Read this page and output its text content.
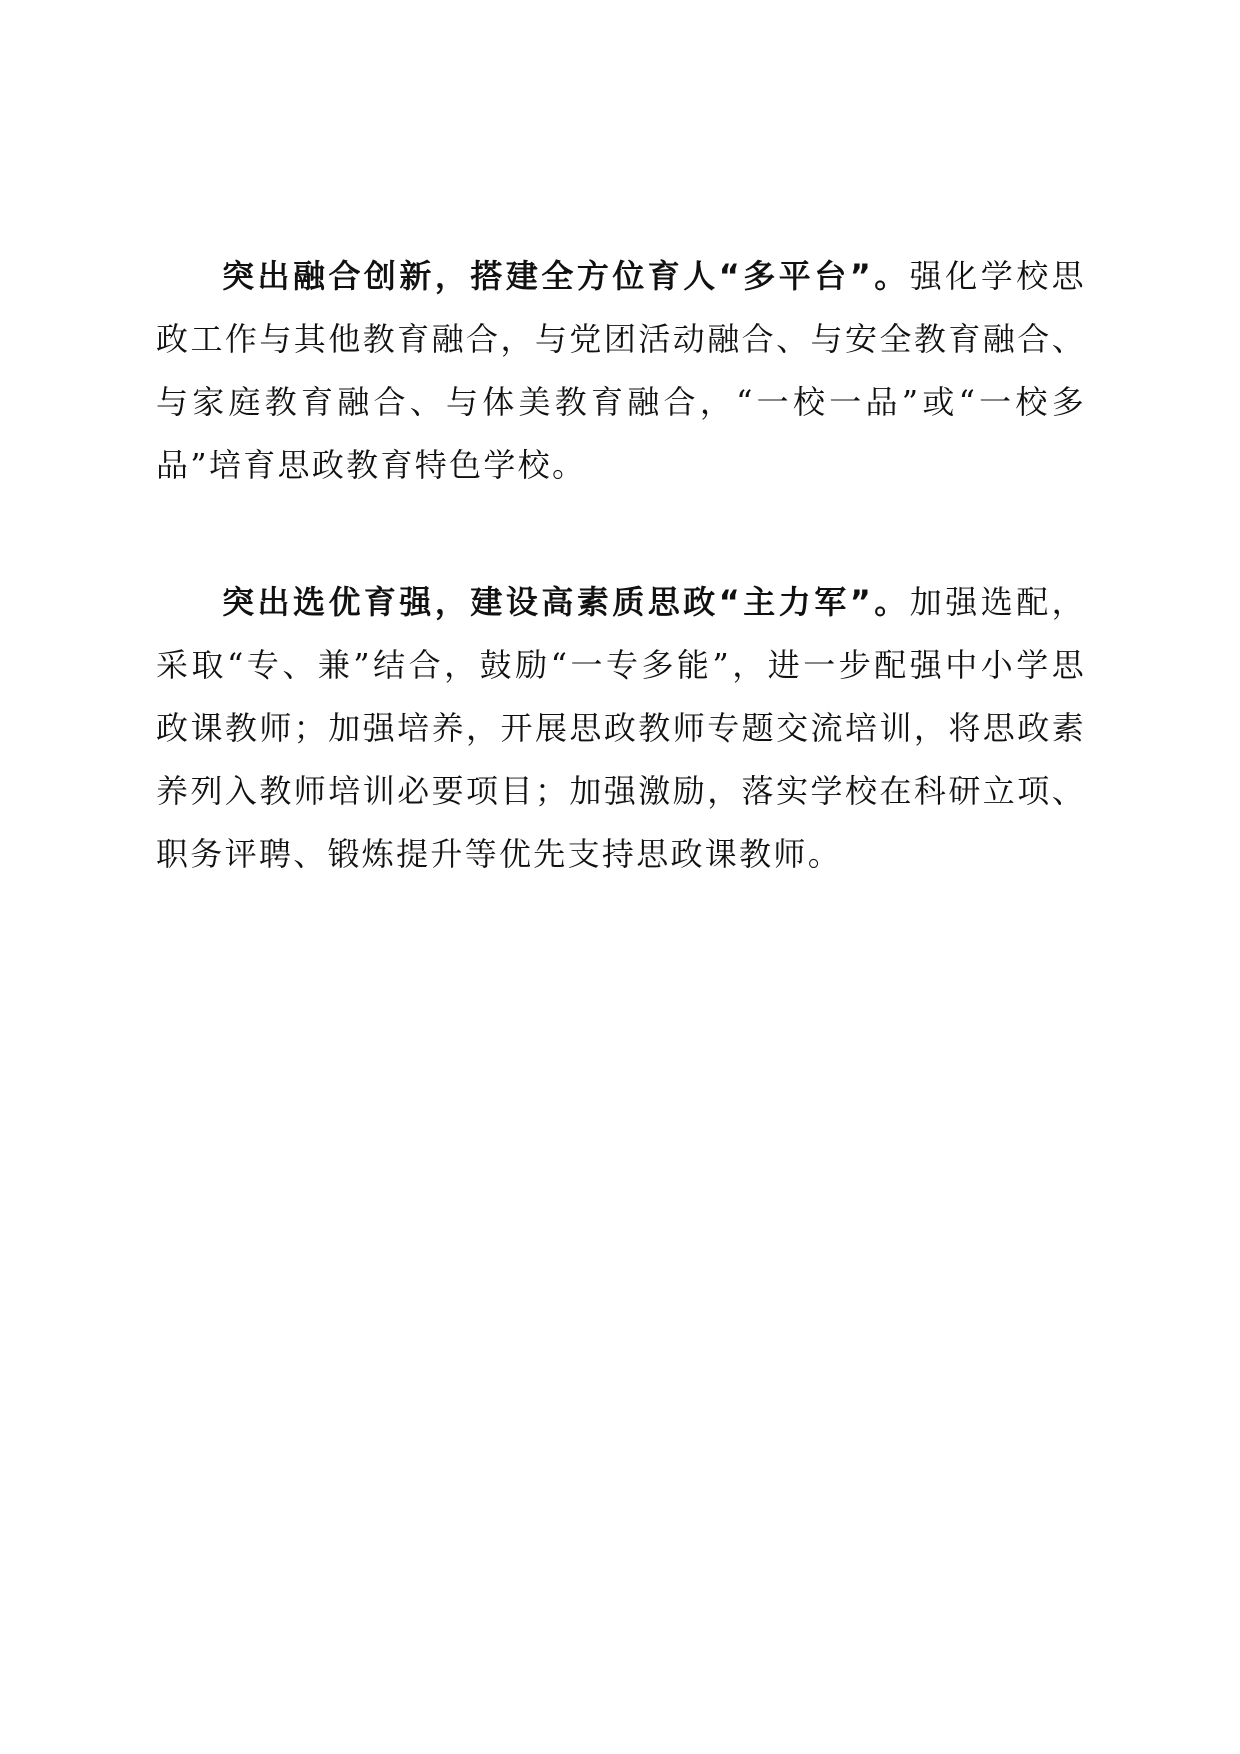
突出融合创新，搭建全方位育人“多平台”。强化学校思政工作与其他教育融合，与党团活动融合、与安全教育融合、与家庭教育融合、与体美教育融合，“一校一品”或“一校多品”培育思政教育特色学校。

突出选优育强，建设高素质思政“主力军”。加强选配，采取“专、兼”结合，鼓励“一专多能”，进一步配强中小学思政课教师；加强培养，开展思政教师专题交流培训，将思政素养列入教师培训必要项目；加强激励，落实学校在科研立项、职务评聘、锻炼提升等优先支持思政课教师。
